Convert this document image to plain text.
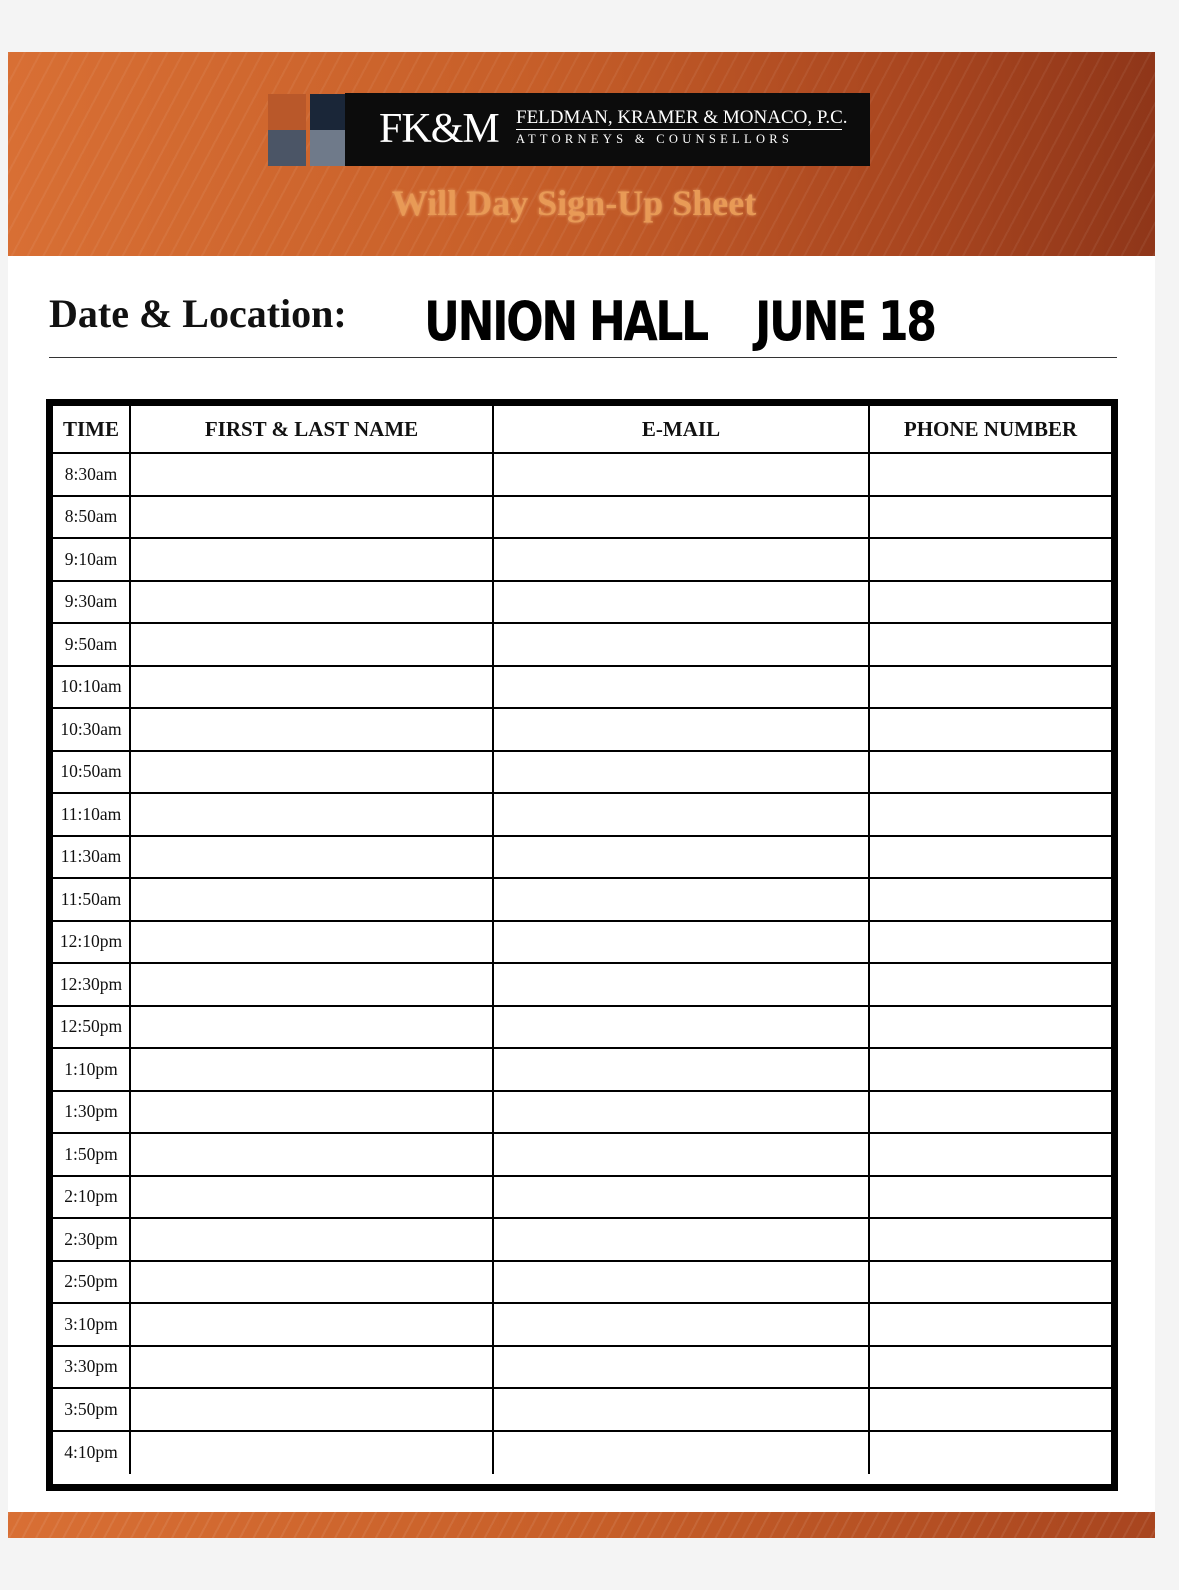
FK&M FELDMAN, KRAMER & MONACO, P.C.
ATTORNEYS & COUNSELLORS
Will Day Sign-Up Sheet
Date & Location: UNION HALL JUNE 18
TIME	FIRST & LAST NAME	E-MAIL	PHONE NUMBER
8:30am
8:50am
9:10am
9:30am
9:50am
10:10am
10:30am
10:50am
11:10am
11:30am
11:50am
12:10pm
12:30pm
12:50pm
1:10pm
1:30pm
1:50pm
2:10pm
2:30pm
2:50pm
3:10pm
3:30pm
3:50pm
4:10pm
